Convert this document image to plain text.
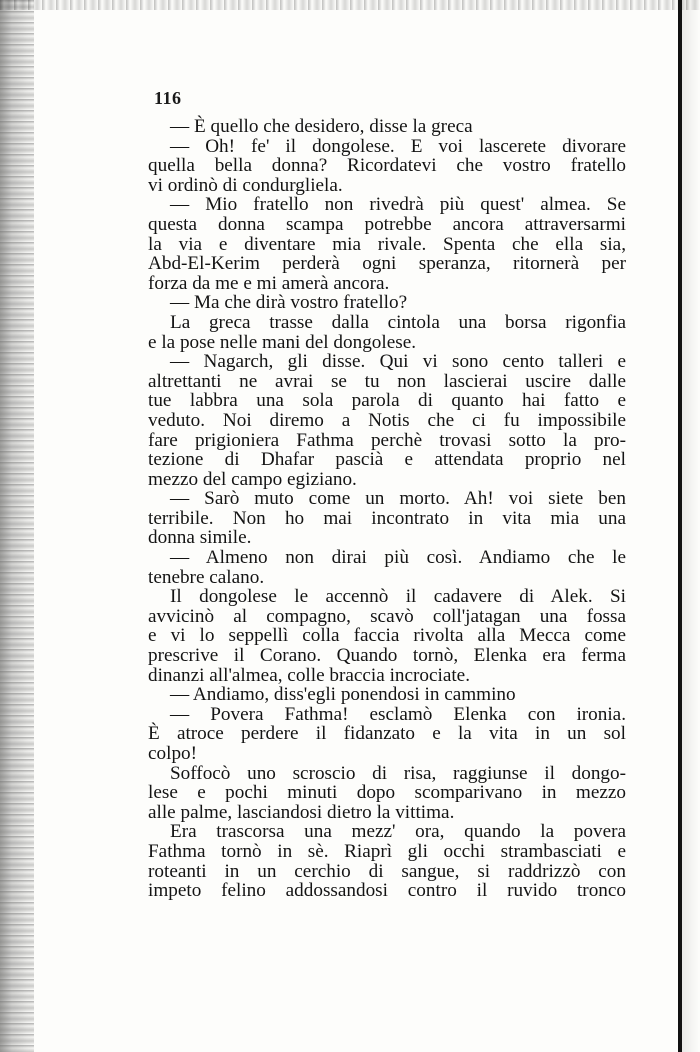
116
— È quello che desidero, disse la greca
— Oh! fe' il dongolese. E voi lascerete divorare
quella bella donna? Ricordatevi che vostro fratello
vi ordinò di condurgliela.
— Mio fratello non rivedrà più quest' almea. Se
questa donna scampa potrebbe ancora attraversarmi
la via e diventare mia rivale. Spenta che ella sia,
Abd-El-Kerim perderà ogni speranza, ritornerà per
forza da me e mi amerà ancora.
— Ma che dirà vostro fratello?
La greca trasse dalla cintola una borsa rigonfia
e la pose nelle mani del dongolese.
— Nagarch, gli disse. Qui vi sono cento talleri e
altrettanti ne avrai se tu non lascierai uscire dalle
tue labbra una sola parola di quanto hai fatto e
veduto. Noi diremo a Notis che ci fu impossibile
fare prigioniera Fathma perchè trovasi sotto la pro-
tezione di Dhafar pascià e attendata proprio nel
mezzo del campo egiziano.
— Sarò muto come un morto. Ah! voi siete ben
terribile. Non ho mai incontrato in vita mia una
donna simile.
— Almeno non dirai più così. Andiamo che le
tenebre calano.
Il dongolese le accennò il cadavere di Alek. Si
avvicinò al compagno, scavò coll'jatagan una fossa
e vi lo seppellì colla faccia rivolta alla Mecca come
prescrive il Corano. Quando tornò, Elenka era ferma
dinanzi all'almea, colle braccia incrociate.
— Andiamo, diss'egli ponendosi in cammino
— Povera Fathma! esclamò Elenka con ironia.
È atroce perdere il fidanzato e la vita in un sol
colpo!
Soffocò uno scroscio di risa, raggiunse il dongo-
lese e pochi minuti dopo scomparivano in mezzo
alle palme, lasciandosi dietro la vittima.
Era trascorsa una mezz' ora, quando la povera
Fathma tornò in sè. Riaprì gli occhi strambasciati e
roteanti in un cerchio di sangue, si raddrizzò con
impeto felino addossandosi contro il ruvido tronco
